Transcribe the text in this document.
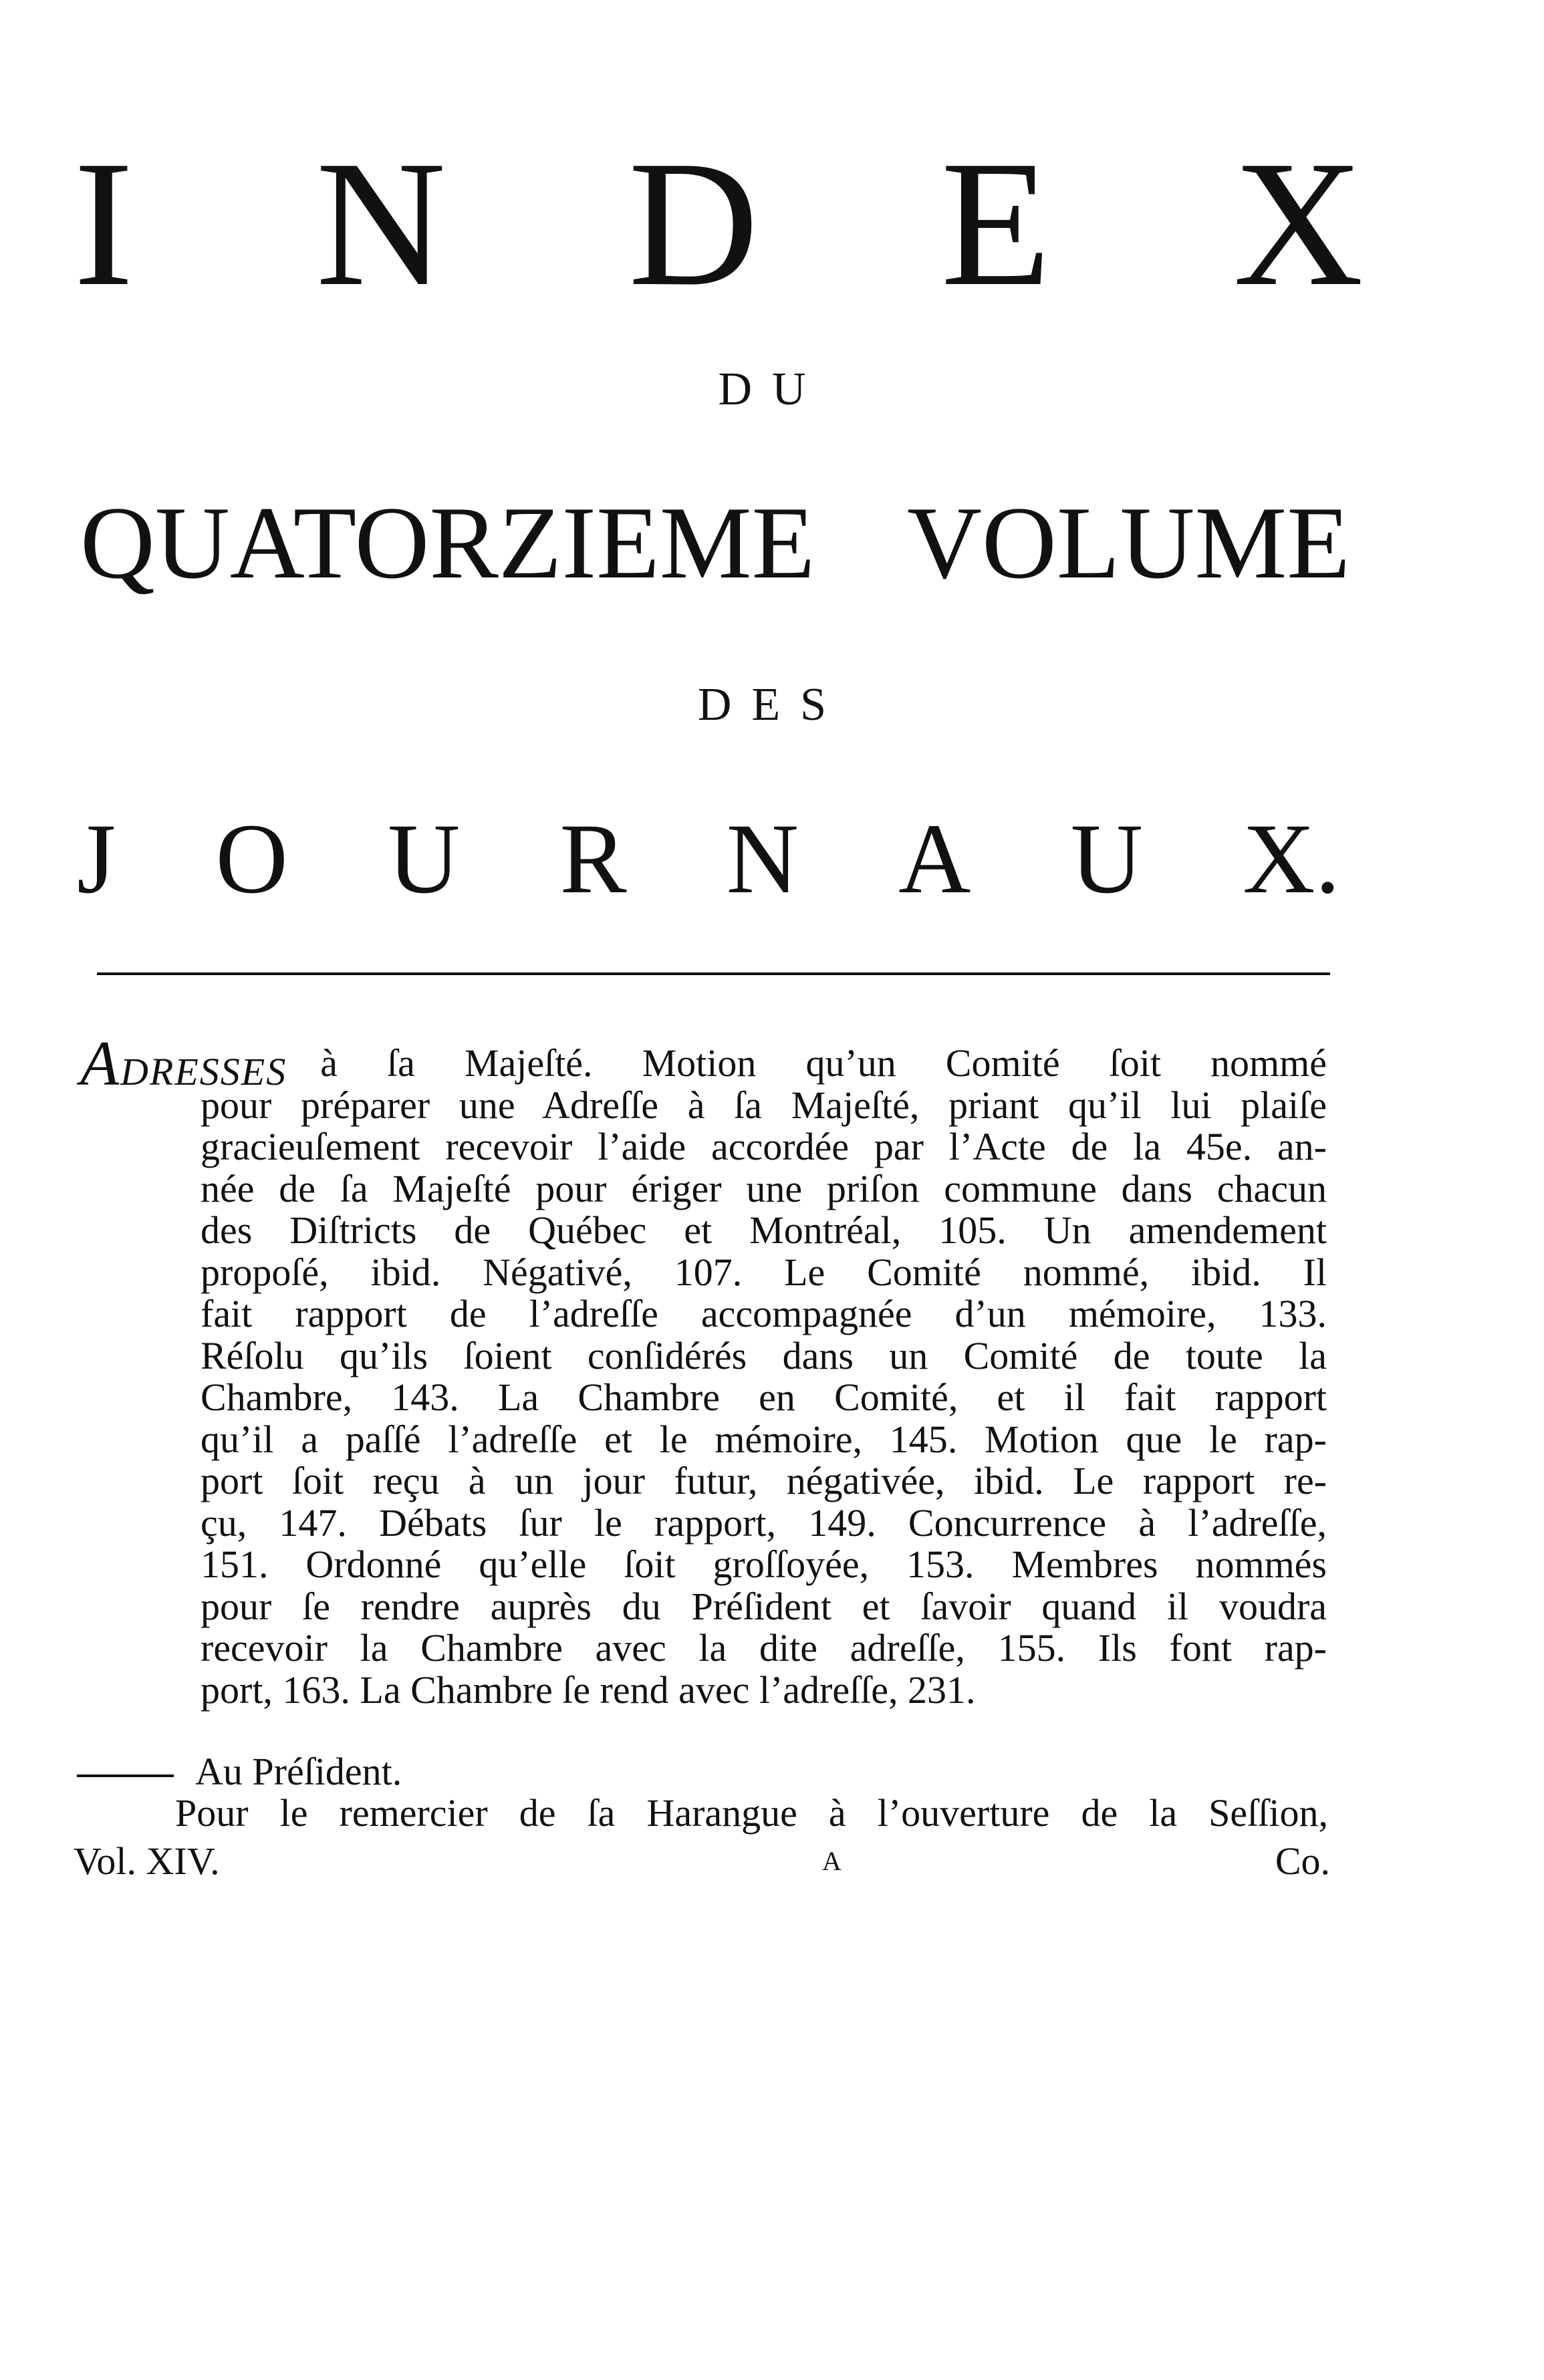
I N D E X
DU
QUATORZIEME VOLUME
DES
J O U R N A U X.
ADRESSES à ſa Majeſté. Motion qu’un Comité ſoit nommé
pour préparer une Adreſſe à ſa Majeſté, priant qu’il lui plaiſe
gracieuſement recevoir l’aide accordée par l’Acte de la 45e. an-
née de ſa Majeſté pour ériger une priſon commune dans chacun
des Diſtricts de Québec et Montréal, 105. Un amendement
propoſé, ibid. Négativé, 107. Le Comité nommé, ibid. Il
fait rapport de l’adreſſe accompagnée d’un mémoire, 133.
Réſolu qu’ils ſoient conſidérés dans un Comité de toute la
Chambre, 143. La Chambre en Comité, et il fait rapport
qu’il a paſſé l’adreſſe et le mémoire, 145. Motion que le rap-
port ſoit reçu à un jour futur, négativée, ibid. Le rapport re-
çu, 147. Débats ſur le rapport, 149. Concurrence à l’adreſſe,
151. Ordonné qu’elle ſoit groſſoyée, 153. Membres nommés
pour ſe rendre auprès du Préſident et ſavoir quand il voudra
recevoir la Chambre avec la dite adreſſe, 155. Ils font rap-
port, 163. La Chambre ſe rend avec l’adreſſe, 231.
Au Préſident.
Pour le remercier de ſa Harangue à l’ouverture de la Seſſion,
Vol. XIV.	A	Co.
